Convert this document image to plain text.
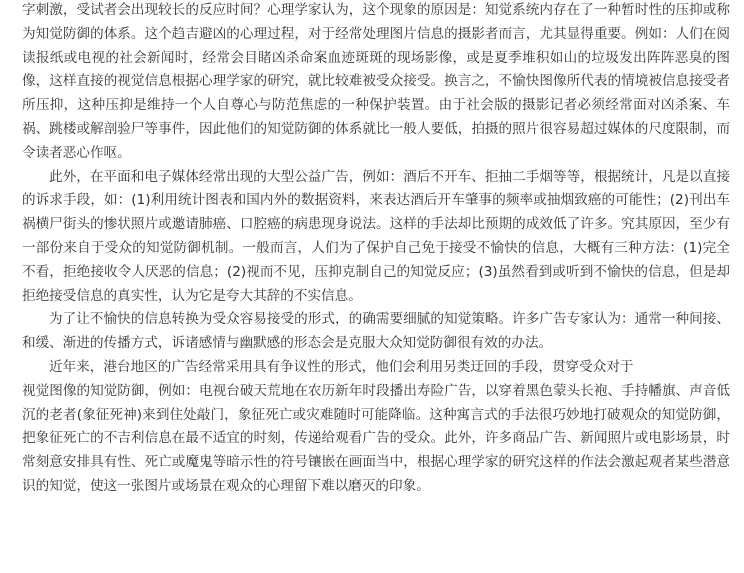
字刺激，受试者会出现较长的反应时间？心理学家认为，这个现象的原因是：知觉系统内存在了一种暂时性的压抑或称为知觉防御的体系。这个趋吉避凶的心理过程，对于经常处理图片信息的摄影者而言，尤其显得重要。例如：人们在阅读报纸或电视的社会新闻时，经常会目睹凶杀命案血迹斑斑的现场影像，或是夏季堆积如山的垃圾发出阵阵恶臭的图像，这样直接的视觉信息根据心理学家的研究，就比较难被受众接受。换言之，不愉快图像所代表的情境被信息接受者所压抑，这种压抑是维持一个人自尊心与防范焦虑的一种保护装置。由于社会版的摄影记者必须经常面对凶杀案、车祸、跳楼或解剖验尸等事件，因此他们的知觉防御的体系就比一般人要低，拍摄的照片很容易超过媒体的尺度限制，而令读者恶心作呕。

此外，在平面和电子媒体经常出现的大型公益广告，例如：酒后不开车、拒抽二手烟等等，根据统计，凡是以直接的诉求手段，如：(1)利用统计图表和国内外的数据资料，来表达酒后开车肇事的频率或抽烟致癌的可能性；(2)刊出车祸横尸街头的惨状照片或邀请肺癌、口腔癌的病患现身说法。这样的手法却比预期的成效低了许多。究其原因，至少有一部份来自于受众的知觉防御机制。一般而言，人们为了保护自己免于接受不愉快的信息，大概有三种方法：(1)完全不看，拒绝接收令人厌恶的信息；(2)视而不见，压抑克制自己的知觉反应；(3)虽然看到或听到不愉快的信息，但是却拒绝接受信息的真实性，认为它是夸大其辞的不实信息。

为了让不愉快的信息转换为受众容易接受的形式，的确需要细腻的知觉策略。许多广告专家认为：通常一种间接、和缓、渐进的传播方式，诉诸感情与幽默感的形态会是克服大众知觉防御很有效的办法。

近年来，港台地区的广告经常采用具有争议性的形式，他们会利用另类迂回的手段，贯穿受众对于

视觉图像的知觉防御，例如：电视台破天荒地在农历新年时段播出寿险广告，以穿着黑色蒙头长袍、手持幡旗、声音低沉的老者(象征死神)来到住处敲门，象征死亡或灾难随时可能降临。这种寓言式的手法很巧妙地打破观众的知觉防御，把象征死亡的不吉利信息在最不适宜的时刻，传递给观看广告的受众。此外，许多商品广告、新闻照片或电影场景，时常刻意安排具有性、死亡或魔鬼等暗示性的符号镶嵌在画面当中，根据心理学家的研究这样的作法会激起观者某些潜意识的知觉，使这一张图片或场景在观众的心理留下难以磨灭的印象。
